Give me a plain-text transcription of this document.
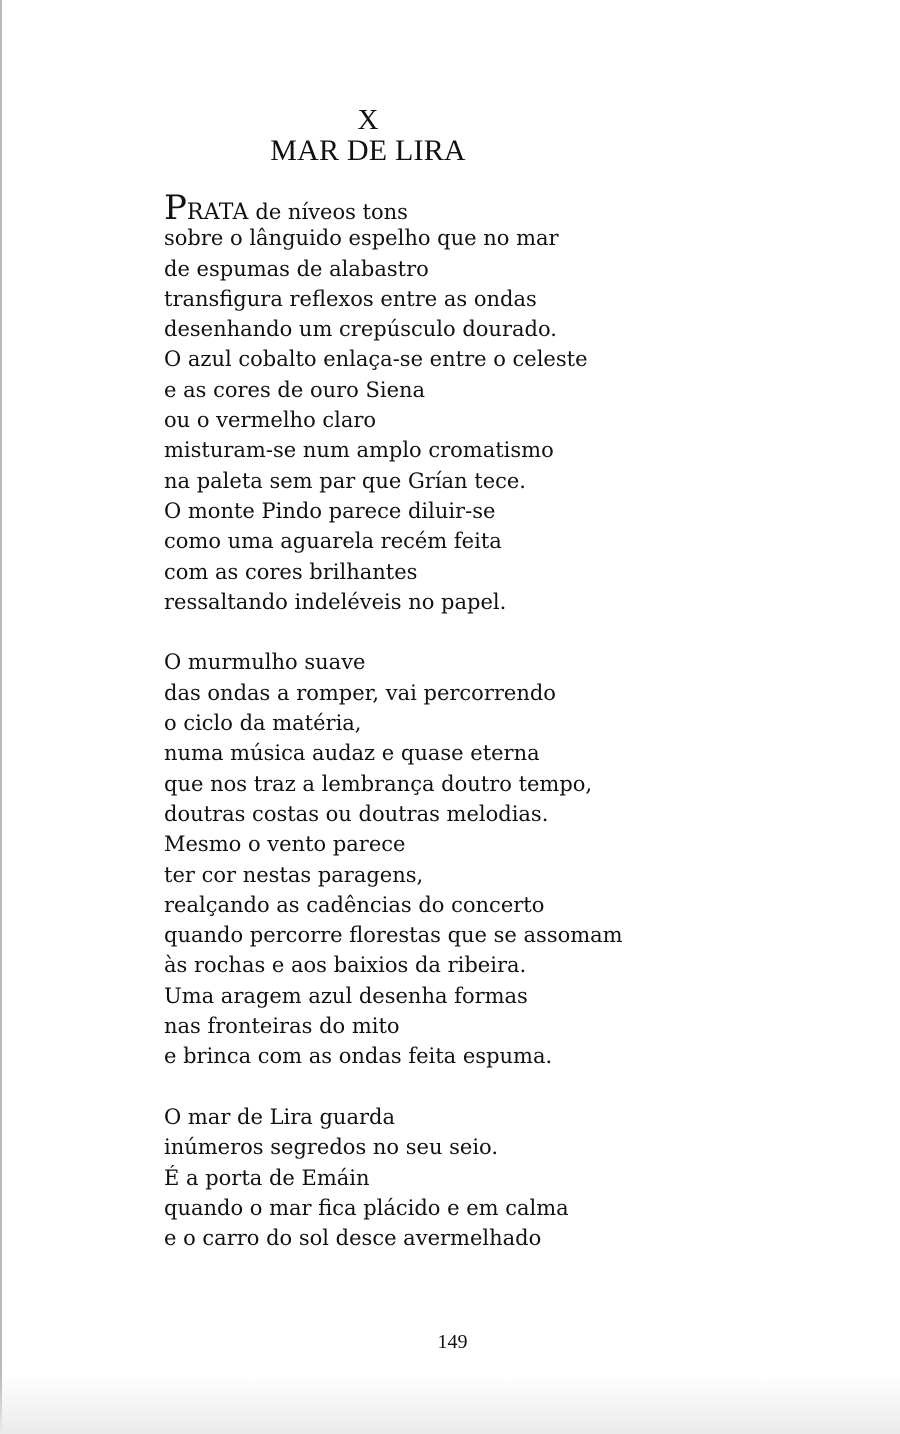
X
MAR DE LIRA
PRATA de níveos tons
sobre o lânguido espelho que no mar
de espumas de alabastro
transfigura reflexos entre as ondas
desenhando um crepúsculo dourado.
O azul cobalto enlaça-se entre o celeste
e as cores de ouro Siena
ou o vermelho claro
misturam-se num amplo cromatismo
na paleta sem par que Grían tece.
O monte Pindo parece diluir-se
como uma aguarela recém feita
com as cores brilhantes
ressaltando indeléveis no papel.
O murmulho suave
das ondas a romper, vai percorrendo
o ciclo da matéria,
numa música audaz e quase eterna
que nos traz a lembrança doutro tempo,
doutras costas ou doutras melodias.
Mesmo o vento parece
ter cor nestas paragens,
realçando as cadências do concerto
quando percorre florestas que se assomam
às rochas e aos baixios da ribeira.
Uma aragem azul desenha formas
nas fronteiras do mito
e brinca com as ondas feita espuma.
O mar de Lira guarda
inúmeros segredos no seu seio.
É a porta de Emáin
quando o mar fica plácido e em calma
e o carro do sol desce avermelhado
149
